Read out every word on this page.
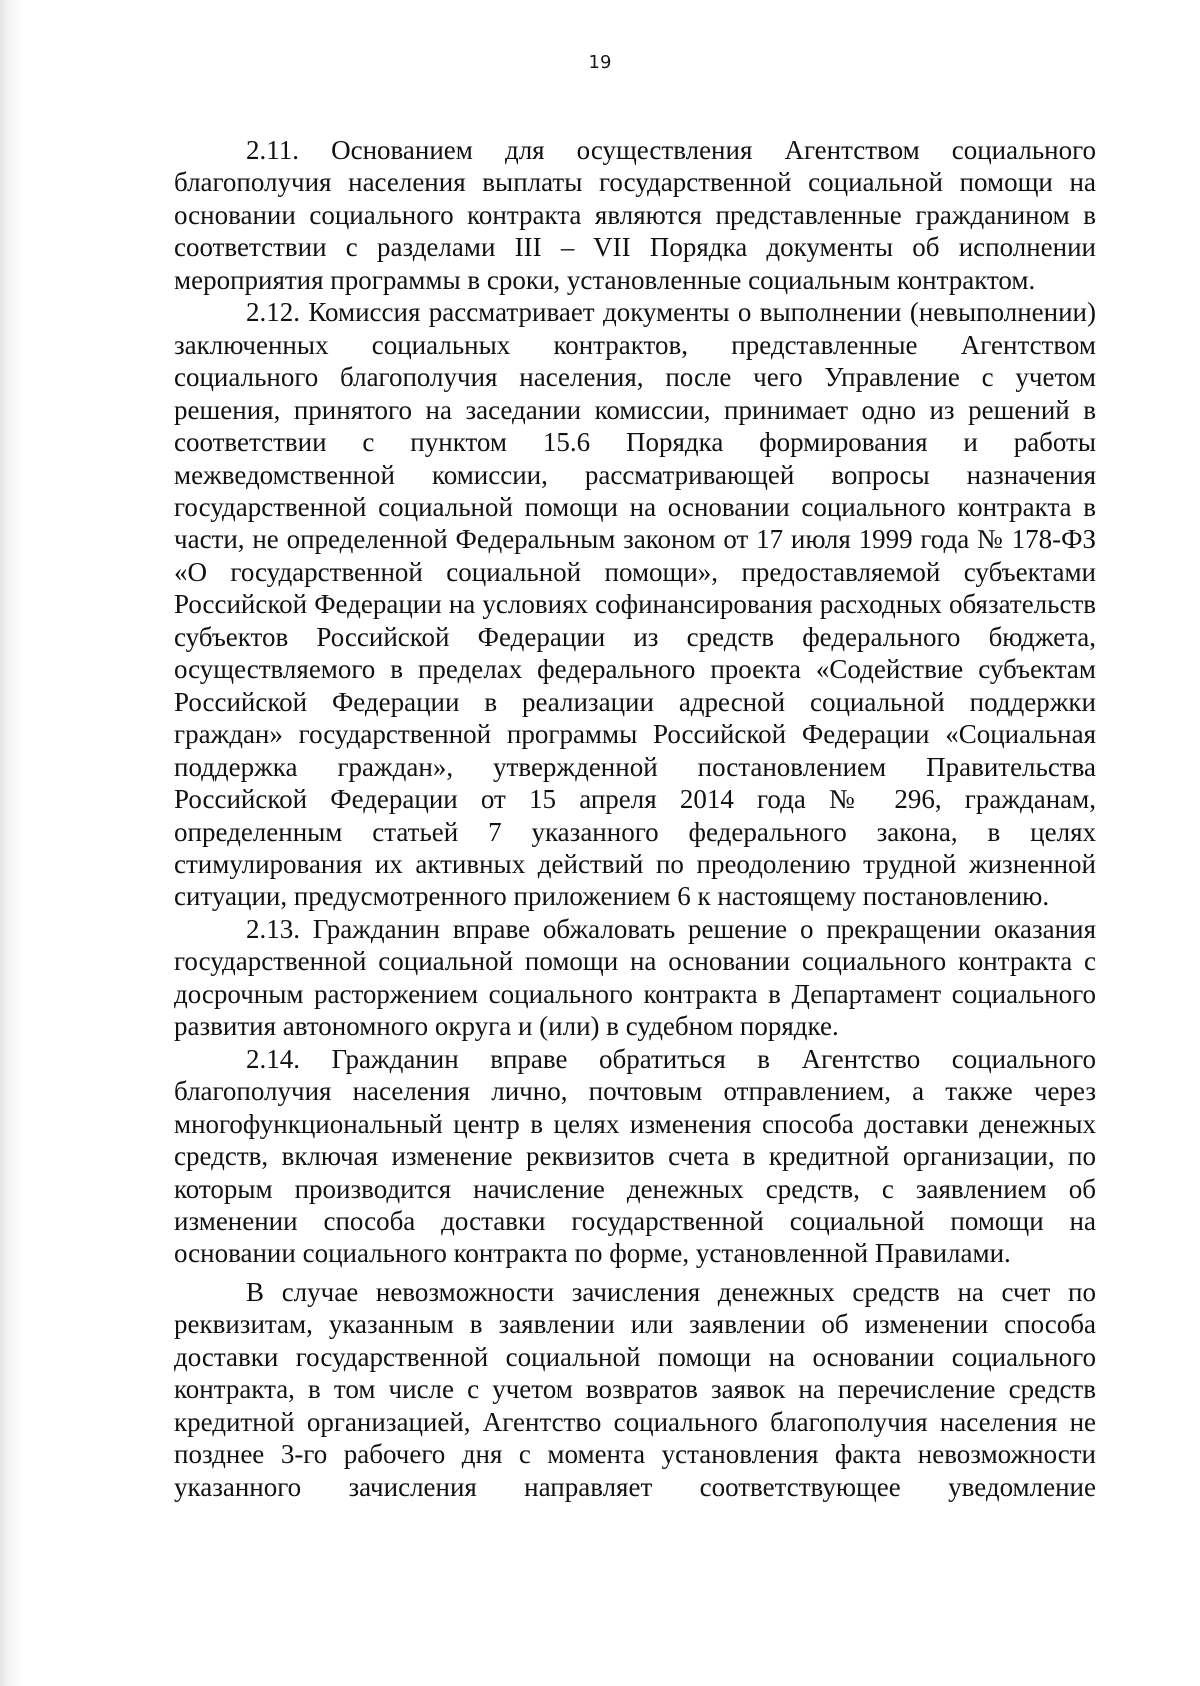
19

2.11. Основанием для осуществления Агентством социального благополучия населения выплаты государственной социальной помощи на основании социального контракта являются представленные гражданином в соответствии с разделами III – VII Порядка документы об исполнении мероприятия программы в сроки, установленные социальным контрактом.

2.12. Комиссия рассматривает документы о выполнении (невыполнении) заключенных социальных контрактов, представленные Агентством социального благополучия населения, после чего Управление с учетом решения, принятого на заседании комиссии, принимает одно из решений в соответствии с пунктом 15.6 Порядка формирования и работы межведомственной комиссии, рассматривающей вопросы назначения государственной социальной помощи на основании социального контракта в части, не определенной Федеральным законом от 17 июля 1999 года № 178-ФЗ «О государственной социальной помощи», предоставляемой субъектами Российской Федерации на условиях софинансирования расходных обязательств субъектов Российской Федерации из средств федерального бюджета, осуществляемого в пределах федерального проекта «Содействие субъектам Российской Федерации в реализации адресной социальной поддержки граждан» государственной программы Российской Федерации «Социальная поддержка граждан», утвержденной постановлением Правительства Российской Федерации от 15 апреля 2014 года № 296, гражданам, определенным статьей 7 указанного федерального закона, в целях стимулирования их активных действий по преодолению трудной жизненной ситуации, предусмотренного приложением 6 к настоящему постановлению.

2.13. Гражданин вправе обжаловать решение о прекращении оказания государственной социальной помощи на основании социального контракта с досрочным расторжением социального контракта в Департамент социального развития автономного округа и (или) в судебном порядке.

2.14. Гражданин вправе обратиться в Агентство социального благополучия населения лично, почтовым отправлением, а также через многофункциональный центр в целях изменения способа доставки денежных средств, включая изменение реквизитов счета в кредитной организации, по которым производится начисление денежных средств, с заявлением об изменении способа доставки государственной социальной помощи на основании социального контракта по форме, установленной Правилами.

В случае невозможности зачисления денежных средств на счет по реквизитам, указанным в заявлении или заявлении об изменении способа доставки государственной социальной помощи на основании социального контракта, в том числе с учетом возвратов заявок на перечисление средств кредитной организацией, Агентство социального благополучия населения не позднее 3-го рабочего дня с момента установления факта невозможности указанного зачисления направляет соответствующее уведомление
